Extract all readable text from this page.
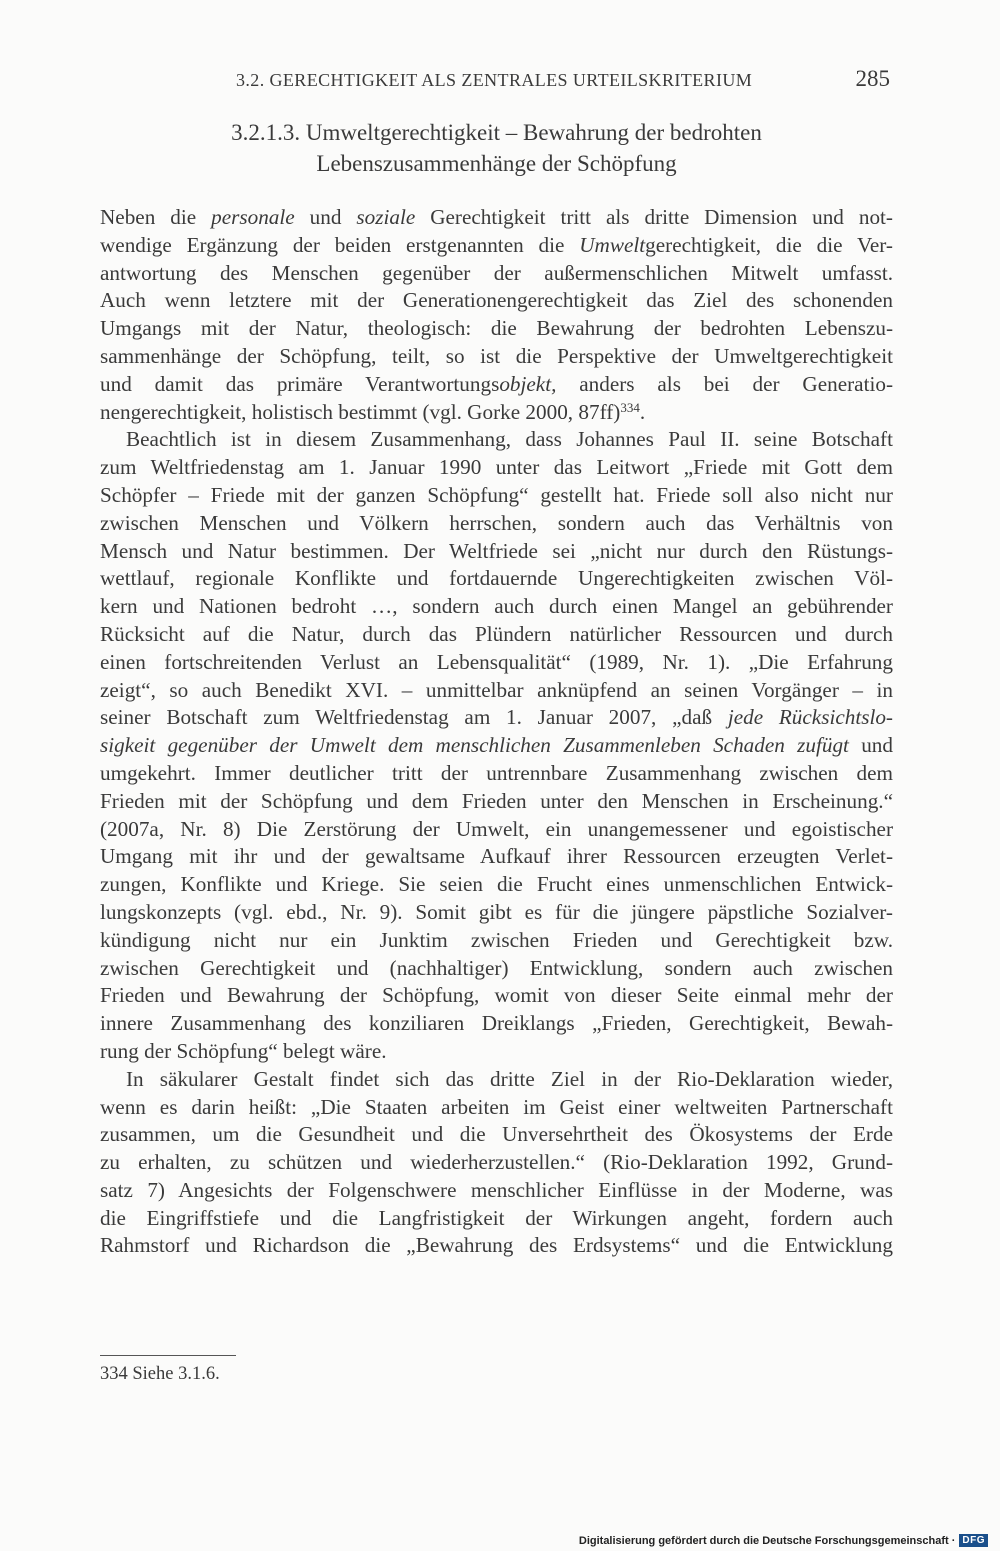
3.2. GERECHTIGKEIT ALS ZENTRALES URTEILSKRITERIUM	285
3.2.1.3. Umweltgerechtigkeit – Bewahrung der bedrohten
Lebenszusammenhänge der Schöpfung

Neben die personale und soziale Gerechtigkeit tritt als dritte Dimension und not-
wendige Ergänzung der beiden erstgenannten die Umweltgerechtigkeit, die die Ver-
antwortung des Menschen gegenüber der außermenschlichen Mitwelt umfasst.
Auch wenn letztere mit der Generationengerechtigkeit das Ziel des schonenden
Umgangs mit der Natur, theologisch: die Bewahrung der bedrohten Lebenszu-
sammenhänge der Schöpfung, teilt, so ist die Perspektive der Umweltgerechtigkeit
und damit das primäre Verantwortungsobjekt, anders als bei der Generatio-
nengerechtigkeit, holistisch bestimmt (vgl. Gorke 2000, 87ff)$^{334}$.

Beachtlich ist in diesem Zusammenhang, dass Johannes Paul II. seine Botschaft
zum Weltfriedenstag am 1. Januar 1990 unter das Leitwort „Friede mit Gott dem
Schöpfer – Friede mit der ganzen Schöpfung“ gestellt hat. Friede soll also nicht nur
zwischen Menschen und Völkern herrschen, sondern auch das Verhältnis von
Mensch und Natur bestimmen. Der Weltfriede sei „nicht nur durch den Rüstungs-
wettlauf, regionale Konflikte und fortdauernde Ungerechtigkeiten zwischen Völ-
kern und Nationen bedroht …, sondern auch durch einen Mangel an gebührender
Rücksicht auf die Natur, durch das Plündern natürlicher Ressourcen und durch
einen fortschreitenden Verlust an Lebensqualität“ (1989, Nr. 1). „Die Erfahrung
zeigt“, so auch Benedikt XVI. – unmittelbar anknüpfend an seinen Vorgänger – in
seiner Botschaft zum Weltfriedenstag am 1. Januar 2007, „daß jede Rücksichtslo-
sigkeit gegenüber der Umwelt dem menschlichen Zusammenleben Schaden zufügt und
umgekehrt. Immer deutlicher tritt der untrennbare Zusammenhang zwischen dem
Frieden mit der Schöpfung und dem Frieden unter den Menschen in Erscheinung.“
(2007a, Nr. 8) Die Zerstörung der Umwelt, ein unangemessener und egoistischer
Umgang mit ihr und der gewaltsame Aufkauf ihrer Ressourcen erzeugten Verlet-
zungen, Konflikte und Kriege. Sie seien die Frucht eines unmenschlichen Entwick-
lungskonzepts (vgl. ebd., Nr. 9). Somit gibt es für die jüngere päpstliche Sozialver-
kündigung nicht nur ein Junktim zwischen Frieden und Gerechtigkeit bzw.
zwischen Gerechtigkeit und (nachhaltiger) Entwicklung, sondern auch zwischen
Frieden und Bewahrung der Schöpfung, womit von dieser Seite einmal mehr der
innere Zusammenhang des konziliaren Dreiklangs „Frieden, Gerechtigkeit, Bewah-
rung der Schöpfung“ belegt wäre.

In säkularer Gestalt findet sich das dritte Ziel in der Rio-Deklaration wieder,
wenn es darin heißt: „Die Staaten arbeiten im Geist einer weltweiten Partnerschaft
zusammen, um die Gesundheit und die Unversehrtheit des Ökosystems der Erde
zu erhalten, zu schützen und wiederherzustellen.“ (Rio-Deklaration 1992, Grund-
satz 7) Angesichts der Folgenschwere menschlicher Einflüsse in der Moderne, was
die Eingriffstiefe und die Langfristigkeit der Wirkungen angeht, fordern auch
Rahmstorf und Richardson die „Bewahrung des Erdsystems“ und die Entwicklung

334 Siehe 3.1.6.
Digitalisierung gefördert durch die Deutsche Forschungsgemeinschaft · DFG
